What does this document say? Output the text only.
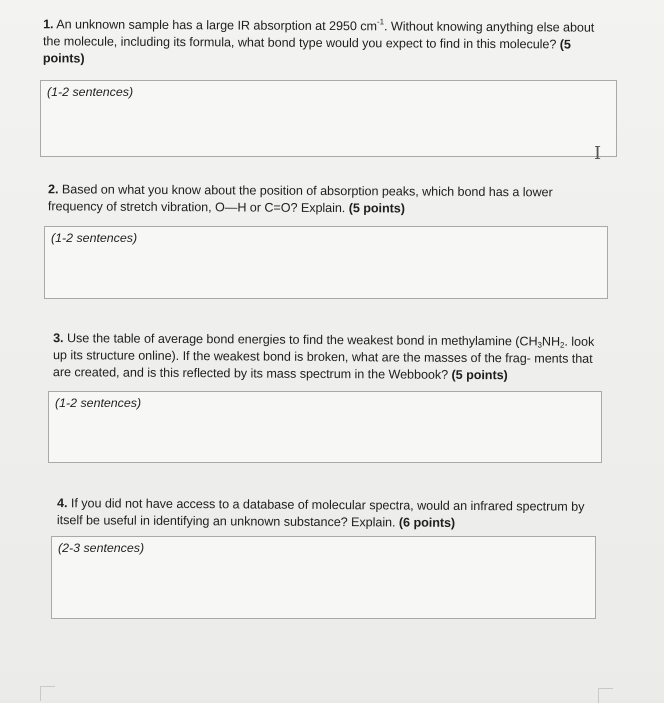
1. An unknown sample has a large IR absorption at 2950 $cm^{-1}$. Without knowing anything else about the molecule, including its formula, what bond type would you expect to find in this molecule? (5 points)
(1-2 sentences)
I
2. Based on what you know about the position of absorption peaks, which bond has a lower frequency of stretch vibration, O—H or C=O? Explain. (5 points)
(1-2 sentences)
3. Use the table of average bond energies to find the weakest bond in methylamine ($CH_3NH_2$. look up its structure online). If the weakest bond is broken, what are the masses of the frag- ments that are created, and is this reflected by its mass spectrum in the Webbook? (5 points)
(1-2 sentences)
4. If you did not have access to a database of molecular spectra, would an infrared spectrum by itself be useful in identifying an unknown substance? Explain. (6 points)
(2-3 sentences)
